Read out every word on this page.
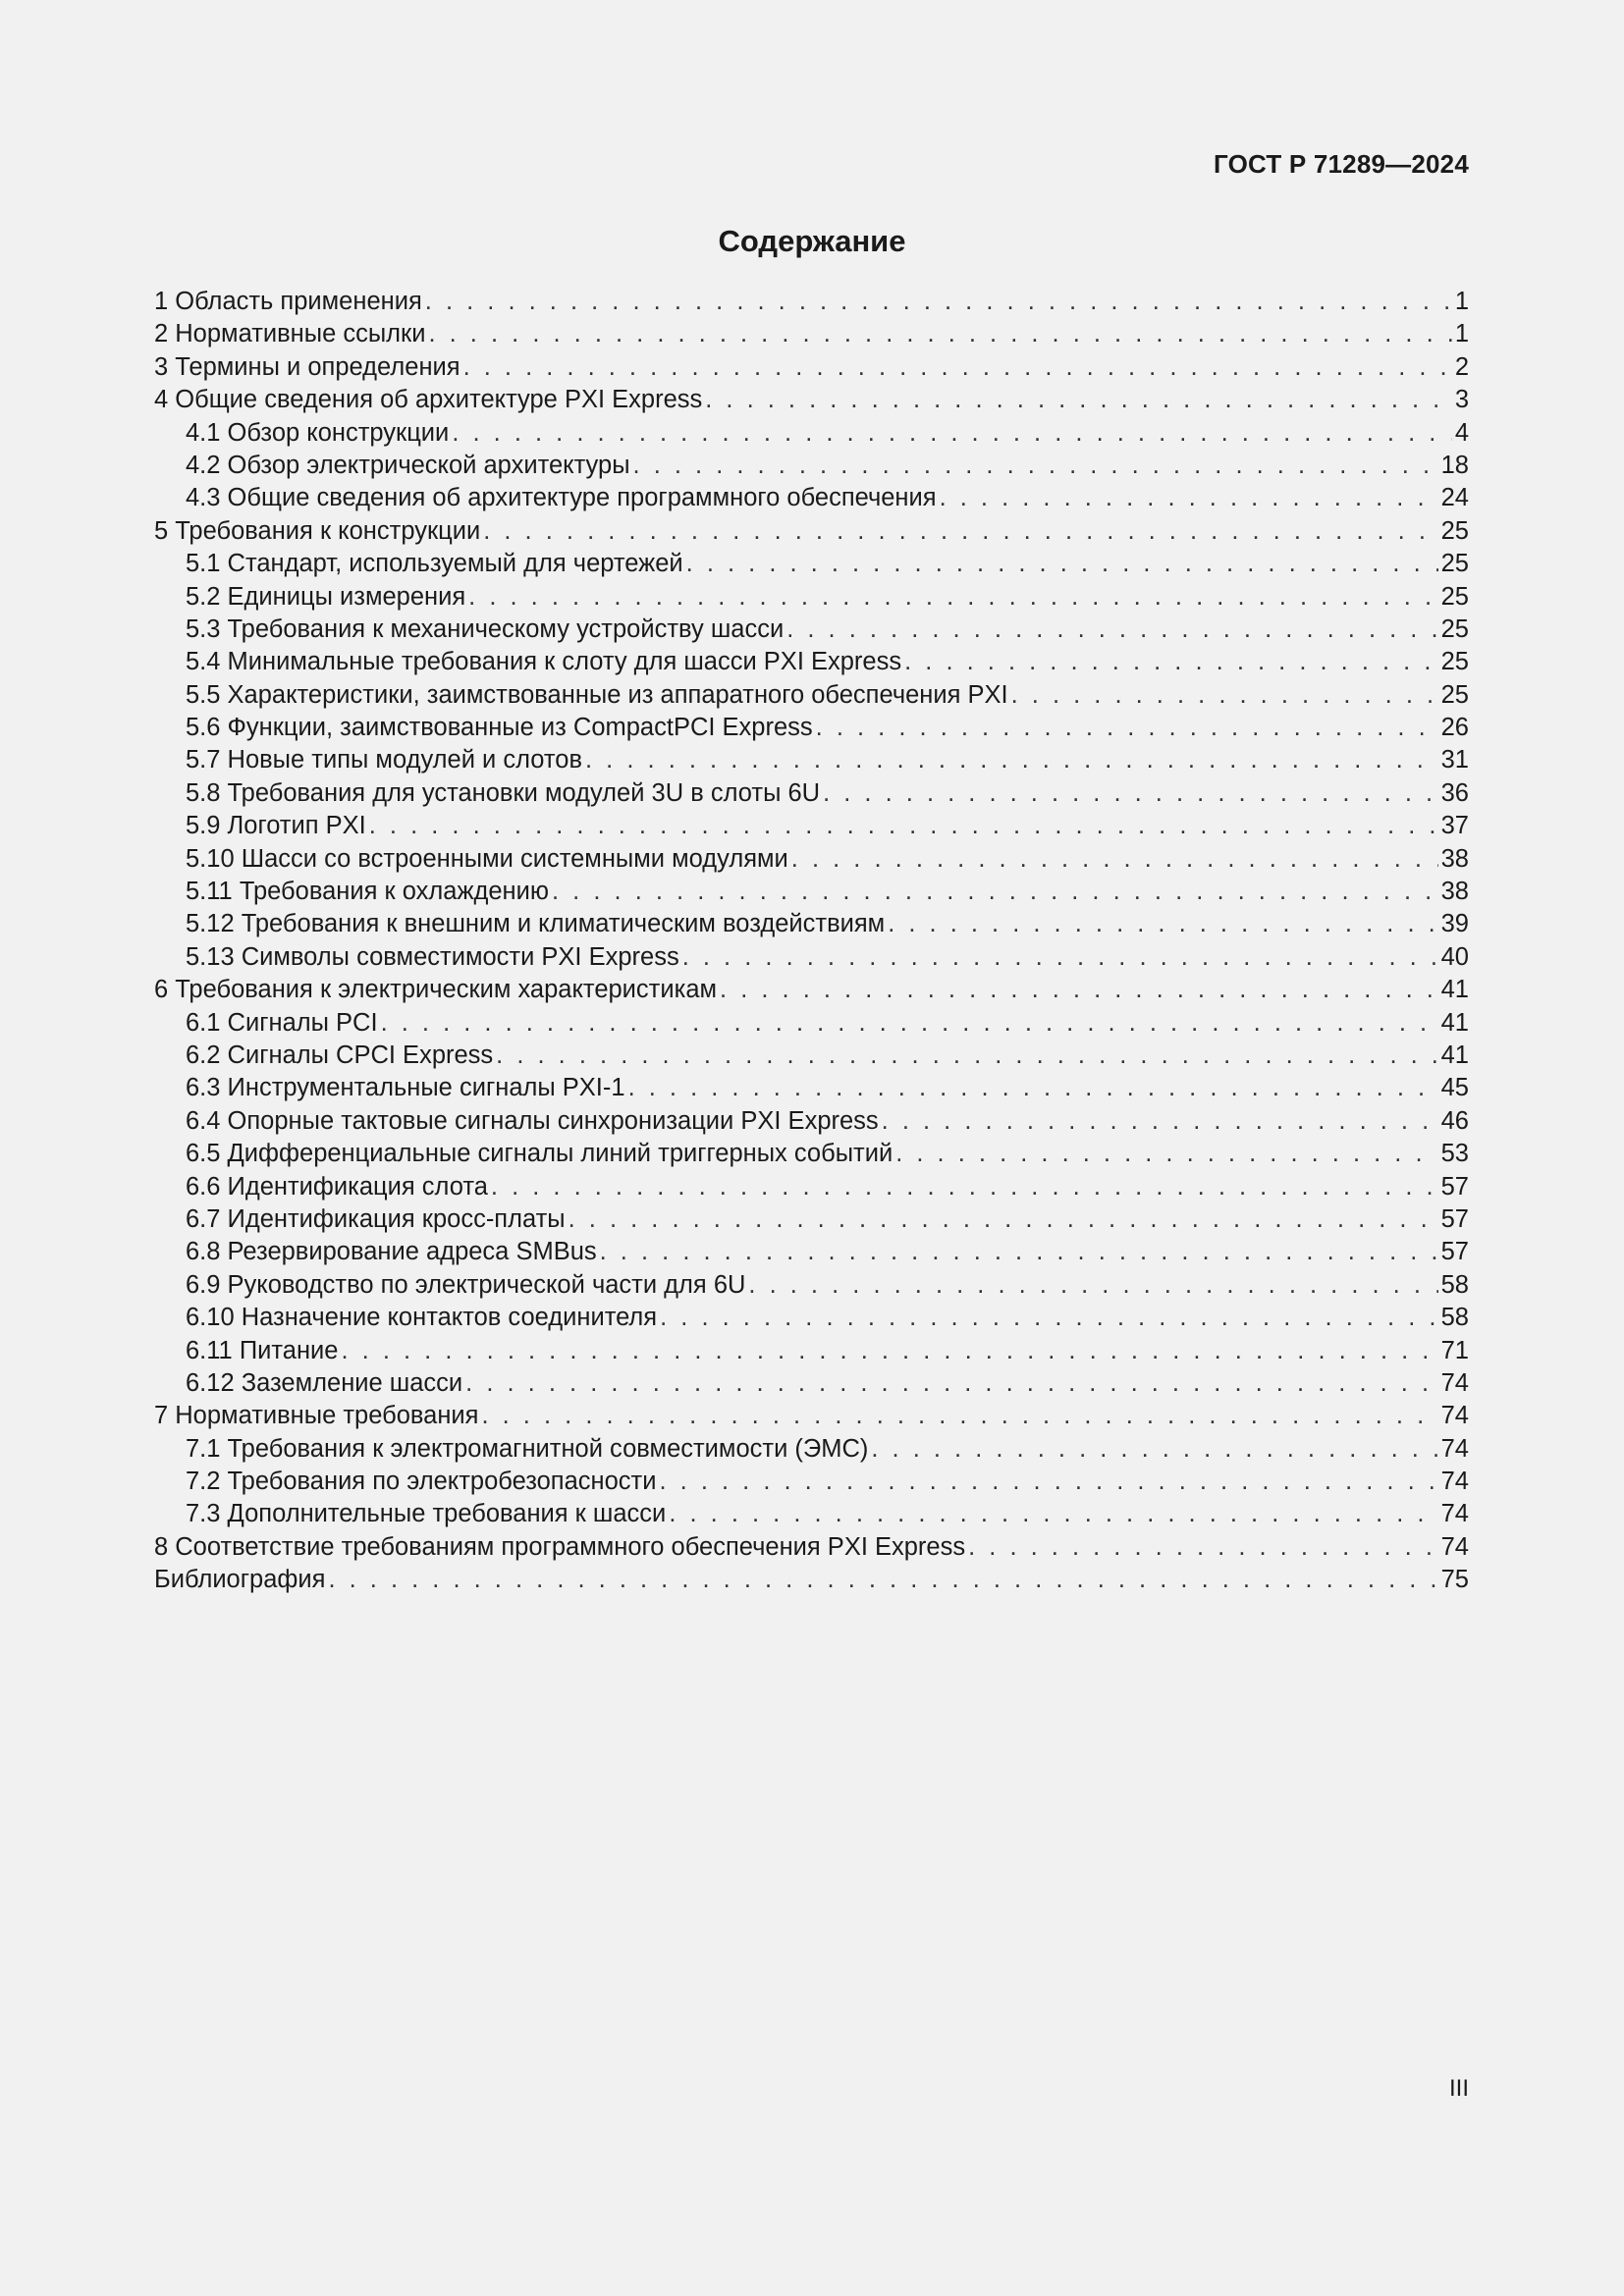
ГОСТ Р 71289—2024
Содержание
1 Область применения . . .	1
2 Нормативные ссылки . . .	1
3 Термины и определения . . .	2
4 Общие сведения об архитектуре PXI Express . . .	3
4.1 Обзор конструкции . . .	4
4.2 Обзор электрической архитектуры . . .	18
4.3 Общие сведения об архитектуре программного обеспечения . . .	24
5 Требования к конструкции . . .	25
5.1 Стандарт, используемый для чертежей . . .	25
5.2 Единицы измерения . . .	25
5.3 Требования к механическому устройству шасси . . .	25
5.4 Минимальные требования к слоту для шасси PXI Express . . .	25
5.5 Характеристики, заимствованные из аппаратного обеспечения PXI . . .	25
5.6 Функции, заимствованные из CompactPCI Express . . .	26
5.7 Новые типы модулей и слотов . . .	31
5.8 Требования для установки модулей 3U в слоты 6U . . .	36
5.9 Логотип PXI . . .	37
5.10 Шасси со встроенными системными модулями . . .	38
5.11 Требования к охлаждению . . .	38
5.12 Требования к внешним и климатическим воздействиям . . .	39
5.13 Символы совместимости PXI Express . . .	40
6 Требования к электрическим характеристикам . . .	41
6.1 Сигналы PCI . . .	41
6.2 Сигналы CPCI Express . . .	41
6.3 Инструментальные сигналы PXI-1 . . .	45
6.4 Опорные тактовые сигналы синхронизации PXI Express . . .	46
6.5 Дифференциальные сигналы линий триггерных событий . . .	53
6.6 Идентификация слота . . .	57
6.7 Идентификация кросс-платы . . .	57
6.8 Резервирование адреса SMBus . . .	57
6.9 Руководство по электрической части для 6U . . .	58
6.10 Назначение контактов соединителя . . .	58
6.11 Питание . . .	71
6.12 Заземление шасси . . .	74
7 Нормативные требования . . .	74
7.1 Требования к электромагнитной совместимости (ЭМС) . . .	74
7.2 Требования по электробезопасности . . .	74
7.3 Дополнительные требования к шасси . . .	74
8 Соответствие требованиям программного обеспечения PXI Express . . .	74
Библиография . . .	75
III
